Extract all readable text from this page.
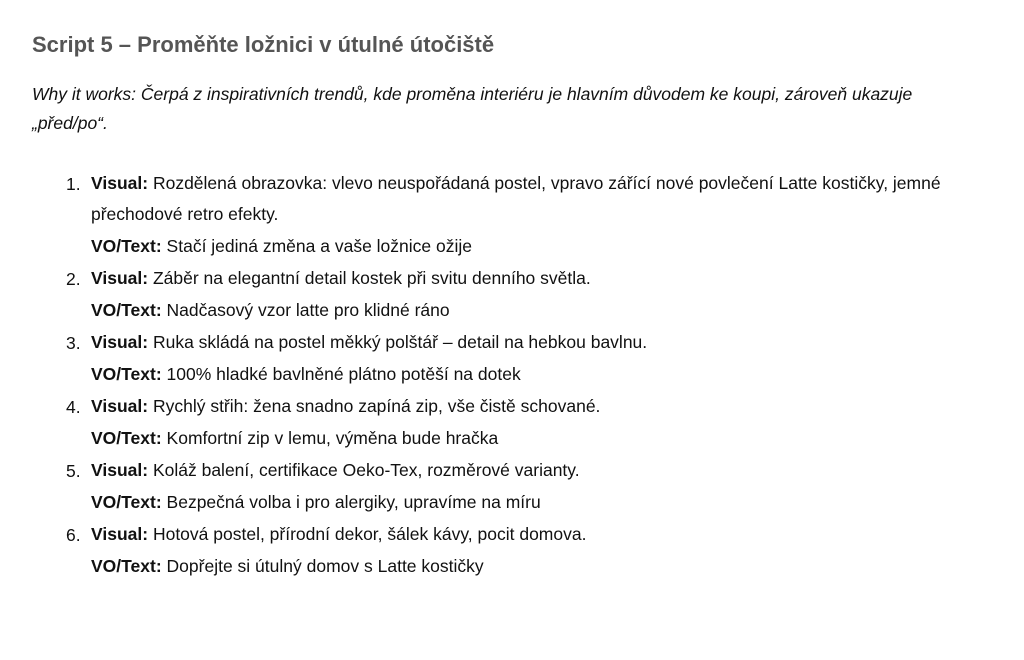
Script 5 – Proměňte ložnici v útulné útočiště

Why it works: Čerpá z inspirativních trendů, kde proměna interiéru je hlavním důvodem ke koupi, zároveň ukazuje „před/po“.

1. Visual: Rozdělená obrazovka: vlevo neuspořádaná postel, vpravo zářící nové povlečení Latte kostičky, jemné přechodové retro efekty.
VO/Text: Stačí jediná změna a vaše ložnice ožije
2. Visual: Záběr na elegantní detail kostek při svitu denního světla.
VO/Text: Nadčasový vzor latte pro klidné ráno
3. Visual: Ruka skládá na postel měkký polštář – detail na hebkou bavlnu.
VO/Text: 100% hladké bavlněné plátno potěší na dotek
4. Visual: Rychlý střih: žena snadno zapíná zip, vše čistě schované.
VO/Text: Komfortní zip v lemu, výměna bude hračka
5. Visual: Koláž balení, certifikace Oeko-Tex, rozměrové varianty.
VO/Text: Bezpečná volba i pro alergiky, upravíme na míru
6. Visual: Hotová postel, přírodní dekor, šálek kávy, pocit domova.
VO/Text: Dopřejte si útulný domov s Latte kostičky
